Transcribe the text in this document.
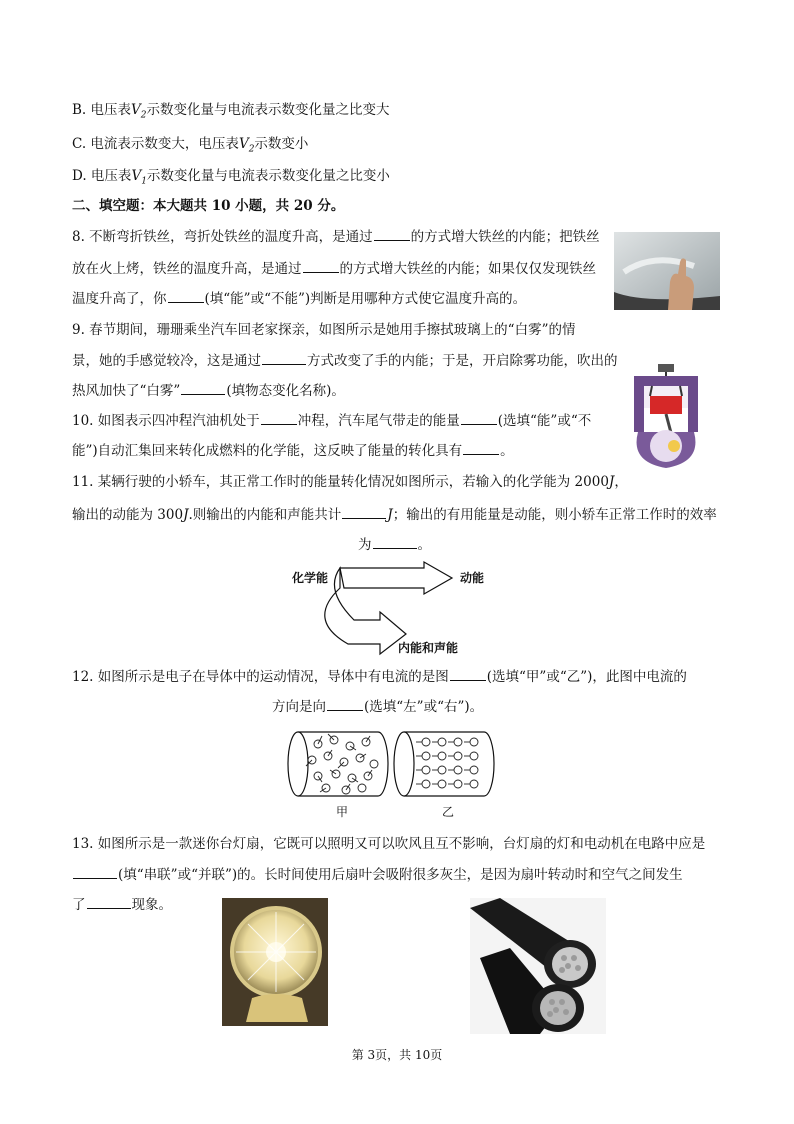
B. 电压表$V_2$示数变化量与电流表示数变化量之比变大
C. 电流表示数变大，电压表$V_2$示数变小
D. 电压表$V_1$示数变化量与电流表示数变化量之比变小
二、填空题：本大题共 10 小题，共 20 分。
8. 不断弯折铁丝，弯折处铁丝的温度升高，是通过	的方式增大铁丝的内能；把铁丝
放在火上烤，铁丝的温度升高，是通过	的方式增大铁丝的内能；如果仅仅发现铁丝
温度升高了，你	(填“能”或“不能”)判断是用哪种方式使它温度升高的。
9. 春节期间，珊珊乘坐汽车回老家探亲，如图所示是她用手擦拭玻璃上的“白雾”的情
景，她的手感觉较冷，这是通过	方式改变了手的内能；于是，开启除雾功能，吹出的
热风加快了“白雾”	(填物态变化名称)。
10. 如图表示四冲程汽油机处于	冲程，汽车尾气带走的能量	(选填“能”或“不
能”)自动汇集回来转化成燃料的化学能，这反映了能量的转化具有	。
11. 某辆行驶的小轿车，其正常工作时的能量转化情况如图所示，若输入的化学能为 2000J，
输出的动能为 300J.则输出的内能和声能共计	J；输出的有用能量是动能，则小轿车正常工作时的效率
为	。
化学能	动能
内能和声能
12. 如图所示是电子在导体中的运动情况，导体中有电流的是图	(选填“甲”或“乙”)，此图中电流的
方向是向	(选填“左”或“右”)。
甲	乙
13. 如图所示是一款迷你台灯扇，它既可以照明又可以吹风且互不影响，台灯扇的灯和电动机在电路中应是
(填“串联”或“并联”)的。长时间使用后扇叶会吸附很多灰尘，是因为扇叶转动时和空气之间发生
了	现象。
第 3页，共 10页
